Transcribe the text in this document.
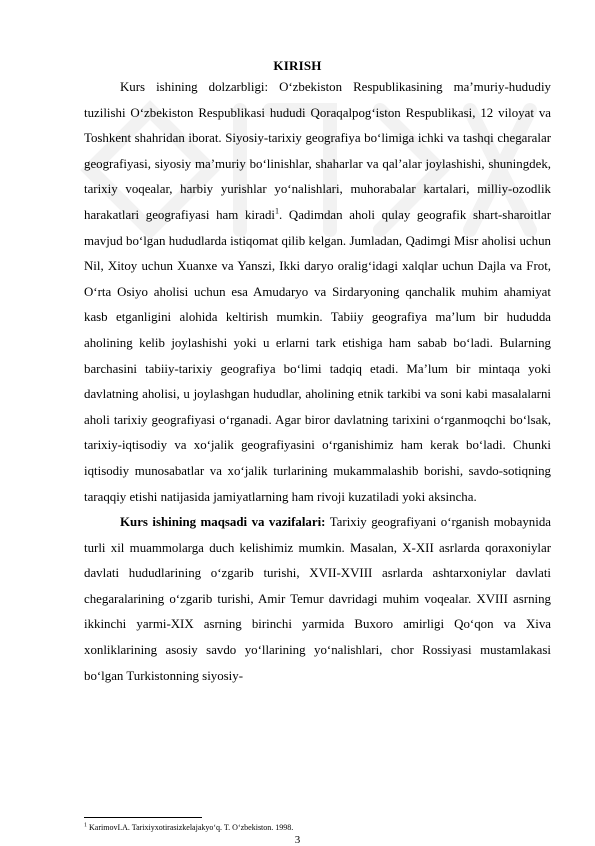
KIRISH

Kurs ishining dolzarbligi: O‘zbekiston Respublikasining ma’muriy-hududiy tuzilishi O‘zbekiston Respublikasi hududi Qoraqalpog‘iston Respublikasi, 12 viloyat va Toshkent shahridan iborat. Siyosiy-tarixiy geografiya bo‘limiga ichki va tashqi chegaralar geografiyasi, siyosiy ma’muriy bo‘linishlar, shaharlar va qal’alar joylashishi, shuningdek, tarixiy voqealar, harbiy yurishlar yo‘nalishlari, muhorabalar kartalari, milliy-ozodlik harakatlari geografiyasi ham kiradi$^1$. Qadimdan aholi qulay geografik shart-sharoitlar mavjud bo‘lgan hududlarda istiqomat qilib kelgan. Jumladan, Qadimgi Misr aholisi uchun Nil, Xitoy uchun Xuanxe va Yanszi, Ikki daryo oralig‘idagi xalqlar uchun Dajla va Frot, O‘rta Osiyo aholisi uchun esa Amudaryo va Sirdaryoning qanchalik muhim ahamiyat kasb etganligini alohida keltirish mumkin. Tabiiy geografiya ma’lum bir hududda aholining kelib joylashishi yoki u erlarni tark etishiga ham sabab bo‘ladi. Bularning barchasini tabiiy-tarixiy geografiya bo‘limi tadqiq etadi. Ma’lum bir mintaqa yoki davlatning aholisi, u joylashgan hududlar, aholining etnik tarkibi va soni kabi masalalarni aholi tarixiy geografiyasi o‘rganadi. Agar biror davlatning tarixini o‘rganmoqchi bo‘lsak, tarixiy-iqtisodiy va xo‘jalik geografiyasini o‘rganishimiz ham kerak bo‘ladi. Chunki iqtisodiy munosabatlar va xo‘jalik turlarining mukammalashib borishi, savdo-sotiqning taraqqiy etishi natijasida jamiyatlarning ham rivoji kuzatiladi yoki aksincha.

Kurs ishining maqsadi va vazifalari: Tarixiy geografiyani o‘rganish mobaynida turli xil muammolarga duch kelishimiz mumkin. Masalan, X-XII asrlarda qoraxoniylar davlati hududlarining o‘zgarib turishi, XVII-XVIII asrlarda ashtarxoniylar davlati chegaralarining o‘zgarib turishi, Amir Temur davridagi muhim voqealar. XVIII asrning ikkinchi yarmi-XIX asrning birinchi yarmida Buxoro amirligi Qo‘qon va Xiva xonliklarining asosiy savdo yo‘llarining yo‘nalishlari, chor Rossiyasi mustamlakasi bo‘lgan Turkistonning siyosiy-

$^1$ KarimovI.A. Tarixiyxotirasizkelajakyo‘q. T. O‘zbekiston. 1998.
3
